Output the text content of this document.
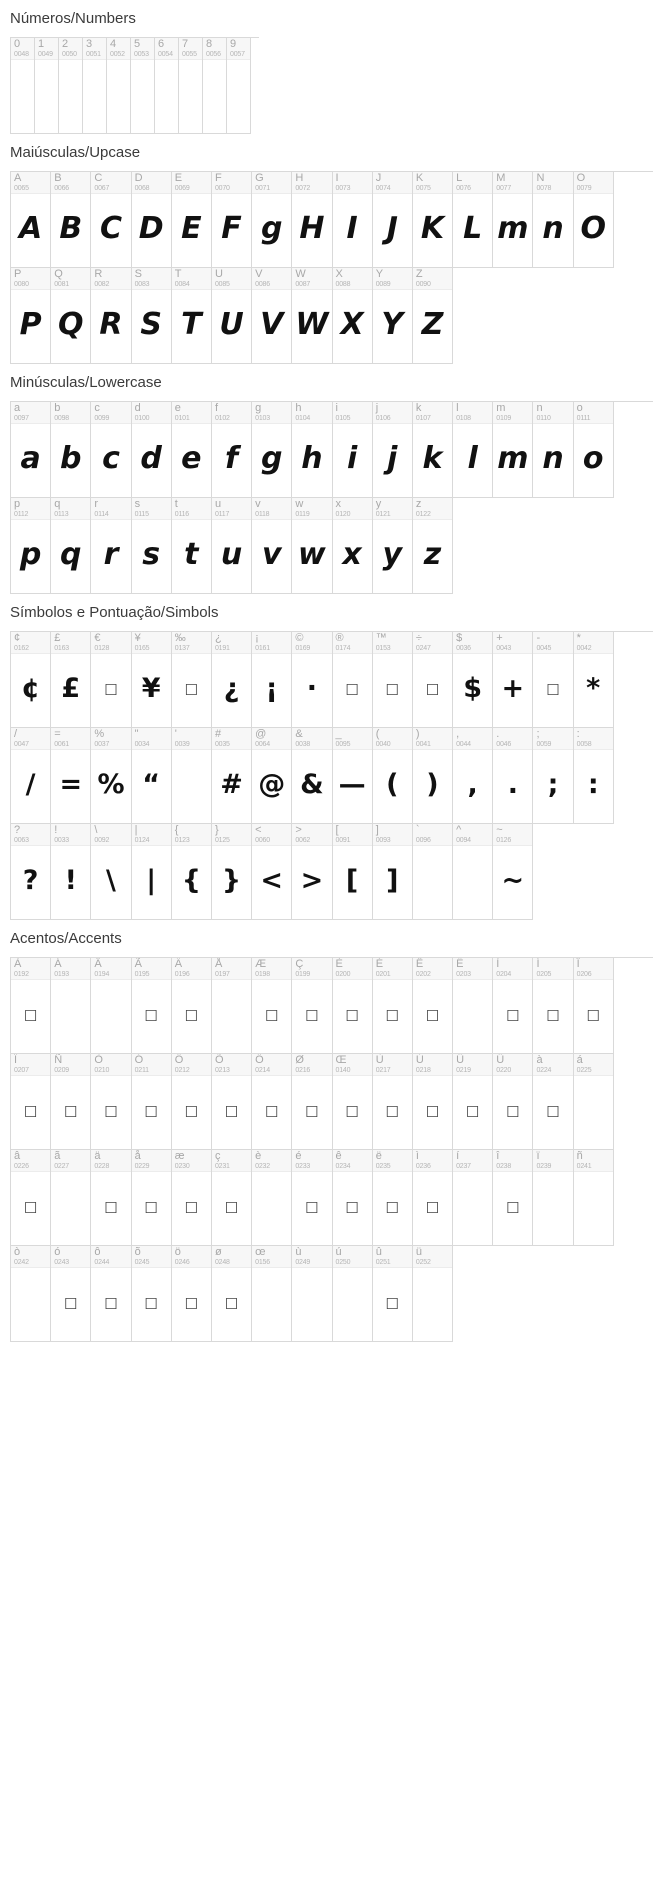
Números/Numbers
0
0048
1
0049
2
0050
3
0051
4
0052
5
0053
6
0054
7
0055
8
0056
9
0057
Maiúsculas/Upcase
A
0065
A
B
0066
B
C
0067
C
D
0068
D
E
0069
E
F
0070
F
G
0071
g
H
0072
H
I
0073
I
J
0074
J
K
0075
K
L
0076
L
M
0077
m
N
0078
n
O
0079
O
P
0080
P
Q
0081
Q
R
0082
R
S
0083
S
T
0084
T
U
0085
U
V
0086
V
W
0087
W
X
0088
X
Y
0089
Y
Z
0090
Z
Minúsculas/Lowercase
a
0097
a
b
0098
b
c
0099
c
d
0100
d
e
0101
e
f
0102
f
g
0103
g
h
0104
h
i
0105
i
j
0106
j
k
0107
k
l
0108
l
m
0109
m
n
0110
n
o
0111
o
p
0112
p
q
0113
q
r
0114
r
s
0115
s
t
0116
t
u
0117
u
v
0118
v
w
0119
w
x
0120
x
y
0121
y
z
0122
z
Símbolos e Pontuação/Simbols
¢
0162
¢
£
0163
£
€
0128
☐
¥
0165
¥
‰
0137
☐
¿
0191
¿
¡
0161
¡
©
0169
·
®
0174
☐
™
0153
☐
÷
0247
☐
$
0036
$
+
0043
+
-
0045
☐
*
0042
*
/
0047
/
=
0061
=
%
0037
%
"
0034
“
'
0039
#
0035
#
@
0064
@
&
0038
&
_
0095
—
(
0040
(
)
0041
)
,
0044
,
.
0046
.
;
0059
;
:
0058
:
?
0063
?
!
0033
!
\
0092
\
|
0124
|
{
0123
{
}
0125
}
<
0060
<
>
0062
>
[
0091
[
]
0093
]
`
0096
^
0094
~
0126
~
Acentos/Accents
À
0192
☐
Á
0193
Â
0194
Ã
0195
☐
Ä
0196
☐
Å
0197
Æ
0198
☐
Ç
0199
☐
È
0200
☐
É
0201
☐
Ê
0202
☐
Ë
0203
Ì
0204
☐
Í
0205
☐
Î
0206
☐
Ï
0207
☐
Ñ
0209
☐
Ò
0210
☐
Ó
0211
☐
Ô
0212
☐
Õ
0213
☐
Ö
0214
☐
Ø
0216
☐
Œ
0140
☐
Ù
0217
☐
Ú
0218
☐
Û
0219
☐
Ü
0220
☐
à
0224
☐
á
0225
â
0226
☐
ã
0227
ä
0228
☐
å
0229
☐
æ
0230
☐
ç
0231
☐
è
0232
é
0233
☐
ê
0234
☐
ë
0235
☐
ì
0236
☐
í
0237
î
0238
☐
ï
0239
ñ
0241
ò
0242
ó
0243
☐
ô
0244
☐
õ
0245
☐
ö
0246
☐
ø
0248
☐
œ
0156
ù
0249
ú
0250
û
0251
☐
ü
0252
